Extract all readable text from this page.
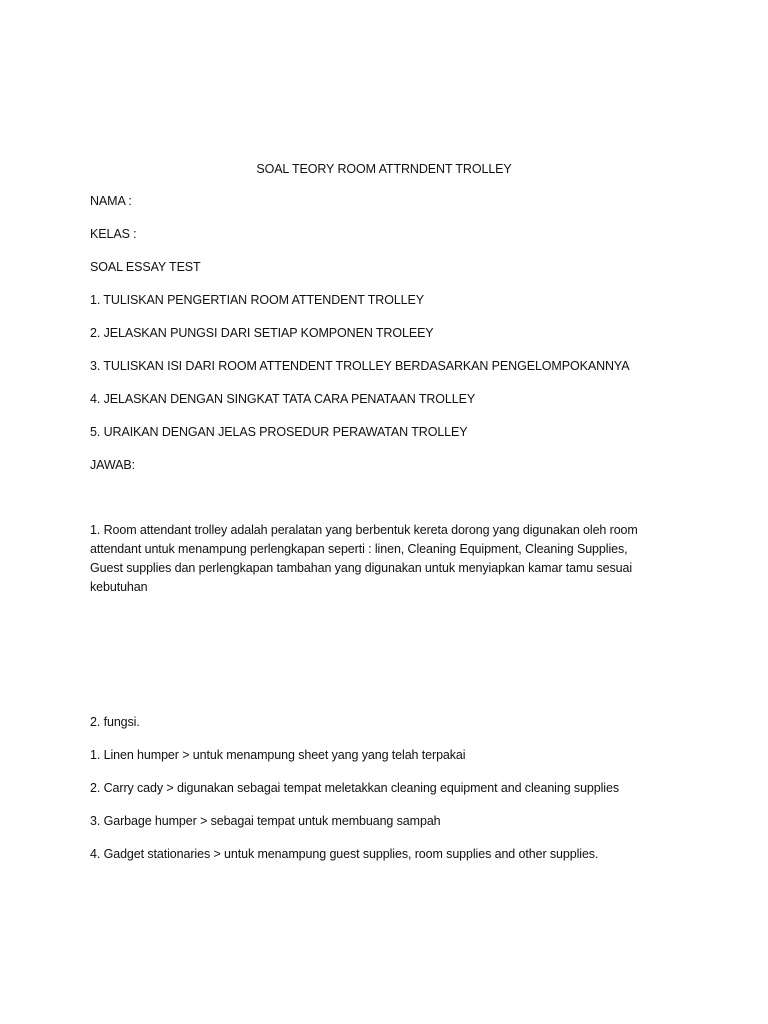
SOAL TEORY ROOM ATTRNDENT TROLLEY
NAMA :
KELAS :
SOAL ESSAY TEST
1. TULISKAN PENGERTIAN ROOM ATTENDENT TROLLEY
2. JELASKAN PUNGSI DARI SETIAP KOMPONEN TROLEEY
3. TULISKAN ISI DARI ROOM ATTENDENT TROLLEY BERDASARKAN PENGELOMPOKANNYA
4. JELASKAN DENGAN SINGKAT TATA CARA PENATAAN TROLLEY
5. URAIKAN DENGAN JELAS PROSEDUR PERAWATAN TROLLEY
JAWAB:
1. Room attendant trolley adalah peralatan yang berbentuk kereta dorong yang digunakan oleh room
attendant untuk menampung perlengkapan seperti : linen, Cleaning Equipment, Cleaning Supplies,
Guest supplies dan perlengkapan tambahan yang digunakan untuk menyiapkan kamar tamu sesuai
kebutuhan
2. fungsi.
1. Linen humper > untuk menampung sheet yang yang telah terpakai
2. Carry cady > digunakan sebagai tempat meletakkan cleaning equipment and cleaning supplies
3. Garbage humper > sebagai tempat untuk membuang sampah
4. Gadget stationaries > untuk menampung guest supplies, room supplies and other supplies.
